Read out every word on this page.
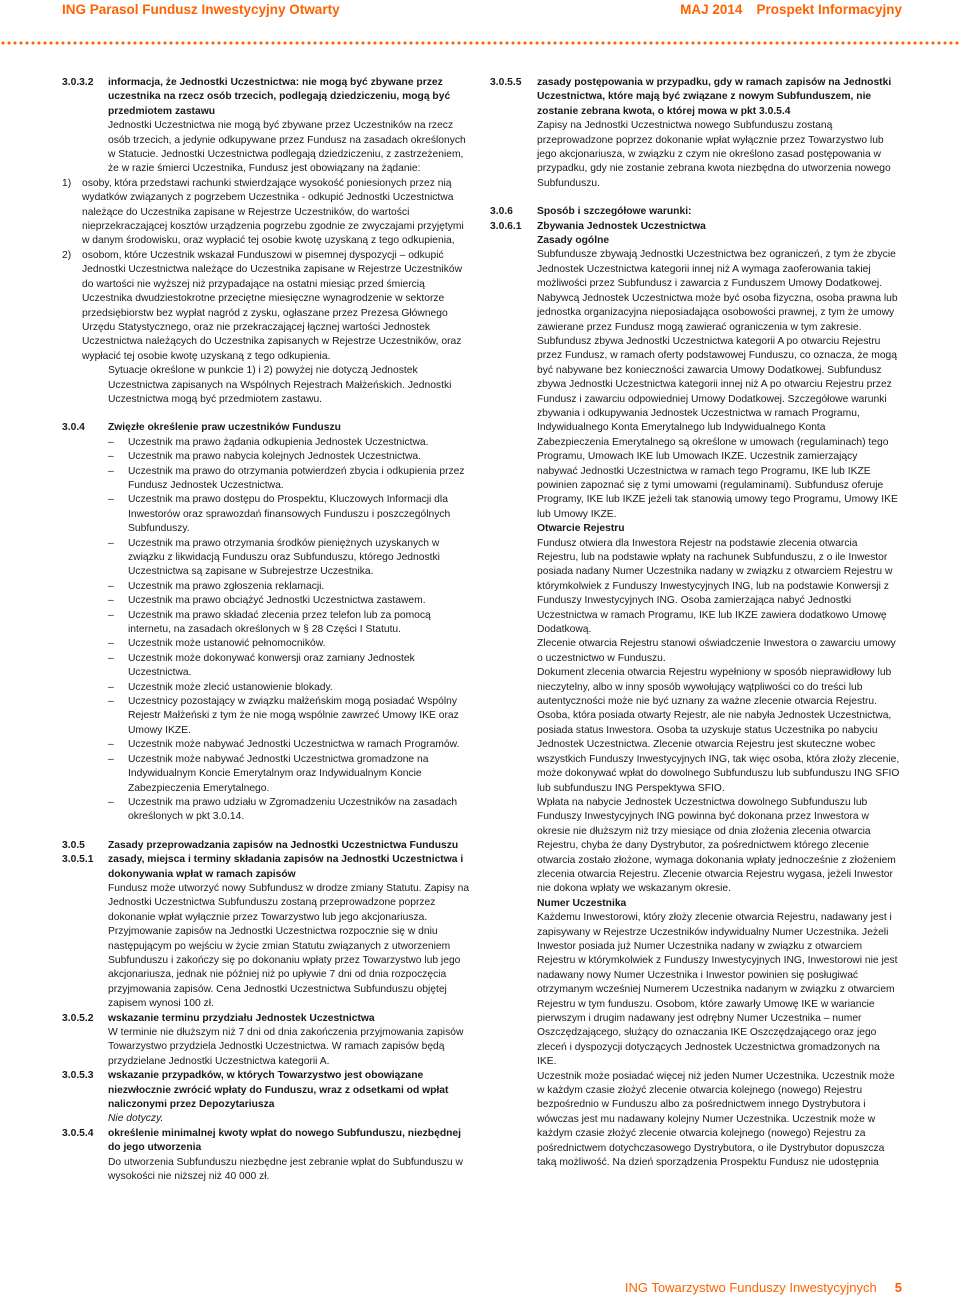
ING Parasol Fundusz Inwestycyjny Otwarty	MAJ 2014 Prospekt Informacyjny
3.0.3.2	informacja, że Jednostki Uczestnictwa: nie mogą być zbywane przez uczestnika na rzecz osób trzecich, podlegają dziedziczeniu, mogą być przedmiotem zastawu
Jednostki Uczestnictwa nie mogą być zbywane przez Uczestników na rzecz osób trzecich, a jedynie odkupywane przez Fundusz na zasadach określonych w Statucie. Jednostki Uczestnictwa podlegają dziedziczeniu, z zastrzeżeniem, że w razie śmierci Uczestnika, Fundusz jest obowiązany na żądanie:
1)	osoby, która przedstawi rachunki stwierdzające wysokość poniesionych przez nią wydatków związanych z pogrzebem Uczestnika - odkupić Jednostki Uczestnictwa należące do Uczestnika zapisane w Rejestrze Uczestników, do wartości nieprzekraczającej kosztów urządzenia pogrzebu zgodnie ze zwyczajami przyjętymi w danym środowisku, oraz wypłacić tej osobie kwotę uzyskaną z tego odkupienia,
2)	osobom, które Uczestnik wskazał Funduszowi w pisemnej dyspozycji – odkupić Jednostki Uczestnictwa należące do Uczestnika zapisane w Rejestrze Uczestników do wartości nie wyższej niż przypadające na ostatni miesiąc przed śmiercią Uczestnika dwudziestokrotne przeciętne miesięczne wynagrodzenie w sektorze przedsiębiorstw bez wypłat nagród z zysku, ogłaszane przez Prezesa Głównego Urzędu Statystycznego, oraz nie przekraczającej łącznej wartości Jednostek Uczestnictwa należących do Uczestnika zapisanych w Rejestrze Uczestników, oraz wypłacić tej osobie kwotę uzyskaną z tego odkupienia.
Sytuacje określone w punkcie 1) i 2) powyżej nie dotyczą Jednostek Uczestnictwa zapisanych na Wspólnych Rejestrach Małżeńskich. Jednostki Uczestnictwa mogą być przedmiotem zastawu.
3.0.4	Zwięzłe określenie praw uczestników Funduszu
– Uczestnik ma prawo żądania odkupienia Jednostek Uczestnictwa.
– Uczestnik ma prawo nabycia kolejnych Jednostek Uczestnictwa.
– Uczestnik ma prawo do otrzymania potwierdzeń zbycia i odkupienia przez Fundusz Jednostek Uczestnictwa.
– Uczestnik ma prawo dostępu do Prospektu, Kluczowych Informacji dla Inwestorów oraz sprawozdań finansowych Funduszu i poszczególnych Subfunduszy.
– Uczestnik ma prawo otrzymania środków pieniężnych uzyskanych w związku z likwidacją Funduszu oraz Subfunduszu, którego Jednostki Uczestnictwa są zapisane w Subrejestrze Uczestnika.
– Uczestnik ma prawo zgłoszenia reklamacji.
– Uczestnik ma prawo obciążyć Jednostki Uczestnictwa zastawem.
– Uczestnik ma prawo składać zlecenia przez telefon lub za pomocą internetu, na zasadach określonych w § 28 Części I Statutu.
– Uczestnik może ustanowić pełnomocników.
– Uczestnik może dokonywać konwersji oraz zamiany Jednostek Uczestnictwa.
– Uczestnik może zlecić ustanowienie blokady.
– Uczestnicy pozostający w związku małżeńskim mogą posiadać Wspólny Rejestr Małżeński z tym że nie mogą wspólnie zawrzeć Umowy IKE oraz Umowy IKZE.
– Uczestnik może nabywać Jednostki Uczestnictwa w ramach Programów.
– Uczestnik może nabywać Jednostki Uczestnictwa gromadzone na Indywidualnym Koncie Emerytalnym oraz Indywidualnym Koncie Zabezpieczenia Emerytalnego.
– Uczestnik ma prawo udziału w Zgromadzeniu Uczestników na zasadach określonych w pkt 3.0.14.
3.0.5	Zasady przeprowadzania zapisów na Jednostki Uczestnictwa Funduszu
3.0.5.1	zasady, miejsca i terminy składania zapisów na Jednostki Uczestnictwa i dokonywania wpłat w ramach zapisów
Fundusz może utworzyć nowy Subfundusz w drodze zmiany Statutu. Zapisy na Jednostki Uczestnictwa Subfunduszu zostaną przeprowadzone poprzez dokonanie wpłat wyłącznie przez Towarzystwo lub jego akcjonariusza. Przyjmowanie zapisów na Jednostki Uczestnictwa rozpocznie się w dniu następującym po wejściu w życie zmian Statutu związanych z utworzeniem Subfunduszu i zakończy się po dokonaniu wpłaty przez Towarzystwo lub jego akcjonariusza, jednak nie później niż po upływie 7 dni od dnia rozpoczęcia przyjmowania zapisów. Cena Jednostki Uczestnictwa Subfunduszu objętej zapisem wynosi 100 zł.
3.0.5.2	wskazanie terminu przydziału Jednostek Uczestnictwa
W terminie nie dłuższym niż 7 dni od dnia zakończenia przyjmowania zapisów Towarzystwo przydziela Jednostki Uczestnictwa. W ramach zapisów będą przydzielane Jednostki Uczestnictwa kategorii A.
3.0.5.3	wskazanie przypadków, w których Towarzystwo jest obowiązane niezwłocznie zwrócić wpłaty do Funduszu, wraz z odsetkami od wpłat naliczonymi przez Depozytariusza
Nie dotyczy.
3.0.5.4	określenie minimalnej kwoty wpłat do nowego Subfunduszu, niezbędnej do jego utworzenia
Do utworzenia Subfunduszu niezbędne jest zebranie wpłat do Subfunduszu w wysokości nie niższej niż 40 000 zł.
3.0.5.5	zasady postępowania w przypadku, gdy w ramach zapisów na Jednostki Uczestnictwa, które mają być związane z nowym Subfunduszem, nie zostanie zebrana kwota, o której mowa w pkt 3.0.5.4
Zapisy na Jednostki Uczestnictwa nowego Subfunduszu zostaną przeprowadzone poprzez dokonanie wpłat wyłącznie przez Towarzystwo lub jego akcjonariusza, w związku z czym nie określono zasad postępowania w przypadku, gdy nie zostanie zebrana kwota niezbędna do utworzenia nowego Subfunduszu.
3.0.6	Sposób i szczegółowe warunki:
3.0.6.1	Zbywania Jednostek Uczestnictwa
Zasady ogólne
Subfundusze zbywają Jednostki Uczestnictwa bez ograniczeń, z tym że zbycie Jednostek Uczestnictwa kategorii innej niż A wymaga zaoferowania takiej możliwości przez Subfundusz i zawarcia z Funduszem Umowy Dodatkowej.
Nabywcą Jednostek Uczestnictwa może być osoba fizyczna, osoba prawna lub jednostka organizacyjna nieposiadająca osobowości prawnej, z tym że umowy zawierane przez Fundusz mogą zawierać ograniczenia w tym zakresie.
Subfundusz zbywa Jednostki Uczestnictwa kategorii A po otwarciu Rejestru przez Fundusz, w ramach oferty podstawowej Funduszu, co oznacza, że mogą być nabywane bez konieczności zawarcia Umowy Dodatkowej. Subfundusz zbywa Jednostki Uczestnictwa kategorii innej niż A po otwarciu Rejestru przez Fundusz i zawarciu odpowiedniej Umowy Dodatkowej. Szczegółowe warunki zbywania i odkupywania Jednostek Uczestnictwa w ramach Programu, Indywidualnego Konta Emerytalnego lub Indywidualnego Konta Zabezpieczenia Emerytalnego są określone w umowach (regulaminach) tego Programu, Umowach IKE lub Umowach IKZE. Uczestnik zamierzający nabywać Jednostki Uczestnictwa w ramach tego Programu, IKE lub IKZE powinien zapoznać się z tymi umowami (regulaminami). Subfundusz oferuje Programy, IKE lub IKZE jeżeli tak stanowią umowy tego Programu, Umowy IKE lub Umowy IKZE.
Otwarcie Rejestru
Fundusz otwiera dla Inwestora Rejestr na podstawie zlecenia otwarcia Rejestru, lub na podstawie wpłaty na rachunek Subfunduszu, z o ile Inwestor posiada nadany Numer Uczestnika nadany w związku z otwarciem Rejestru w którymkolwiek z Funduszy Inwestycyjnych ING, lub na podstawie Konwersji z Funduszy Inwestycyjnych ING. Osoba zamierzająca nabyć Jednostki Uczestnictwa w ramach Programu, IKE lub IKZE zawiera dodatkowo Umowę Dodatkową.
Zlecenie otwarcia Rejestru stanowi oświadczenie Inwestora o zawarciu umowy o uczestnictwo w Funduszu.
Dokument zlecenia otwarcia Rejestru wypełniony w sposób nieprawidłowy lub nieczytelny, albo w inny sposób wywołujący wątpliwości co do treści lub autentyczności może nie być uznany za ważne zlecenie otwarcia Rejestru. Osoba, która posiada otwarty Rejestr, ale nie nabyła Jednostek Uczestnictwa, posiada status Inwestora. Osoba ta uzyskuje status Uczestnika po nabyciu Jednostek Uczestnictwa. Zlecenie otwarcia Rejestru jest skuteczne wobec wszystkich Funduszy Inwestycyjnych ING, tak więc osoba, która złoży zlecenie, może dokonywać wpłat do dowolnego Subfunduszu lub subfunduszu ING SFIO lub subfunduszu ING Perspektywa SFIO.
Wpłata na nabycie Jednostek Uczestnictwa dowolnego Subfunduszu lub Funduszy Inwestycyjnych ING powinna być dokonana przez Inwestora w okresie nie dłuższym niż trzy miesiące od dnia złożenia zlecenia otwarcia Rejestru, chyba że dany Dystrybutor, za pośrednictwem którego zlecenie otwarcia zostało złożone, wymaga dokonania wpłaty jednocześnie z złożeniem zlecenia otwarcia Rejestru. Zlecenie otwarcia Rejestru wygasa, jeżeli Inwestor nie dokona wpłaty we wskazanym okresie.
Numer Uczestnika
Każdemu Inwestorowi, który złoży zlecenie otwarcia Rejestru, nadawany jest i zapisywany w Rejestrze Uczestników indywidualny Numer Uczestnika. Jeżeli Inwestor posiada już Numer Uczestnika nadany w związku z otwarciem Rejestru w którymkolwiek z Funduszy Inwestycyjnych ING, Inwestorowi nie jest nadawany nowy Numer Uczestnika i Inwestor powinien się posługiwać otrzymanym wcześniej Numerem Uczestnika nadanym w związku z otwarciem Rejestru w tym funduszu. Osobom, które zawarły Umowę IKE w wariancie pierwszym i drugim nadawany jest odrębny Numer Uczestnika – numer Oszczędzającego, służący do oznaczania IKE Oszczędzającego oraz jego zleceń i dyspozycji dotyczących Jednostek Uczestnictwa gromadzonych na IKE.
Uczestnik może posiadać więcej niż jeden Numer Uczestnika. Uczestnik może w każdym czasie złożyć zlecenie otwarcia kolejnego (nowego) Rejestru bezpośrednio w Funduszu albo za pośrednictwem innego Dystrybutora i wówczas jest mu nadawany kolejny Numer Uczestnika. Uczestnik może w każdym czasie złożyć zlecenie otwarcia kolejnego (nowego) Rejestru za pośrednictwem dotychczasowego Dystrybutora, o ile Dystrybutor dopuszcza taką możliwość. Na dzień sporządzenia Prospektu Fundusz nie udostępnia
ING Towarzystwo Funduszy Inwestycyjnych 5
